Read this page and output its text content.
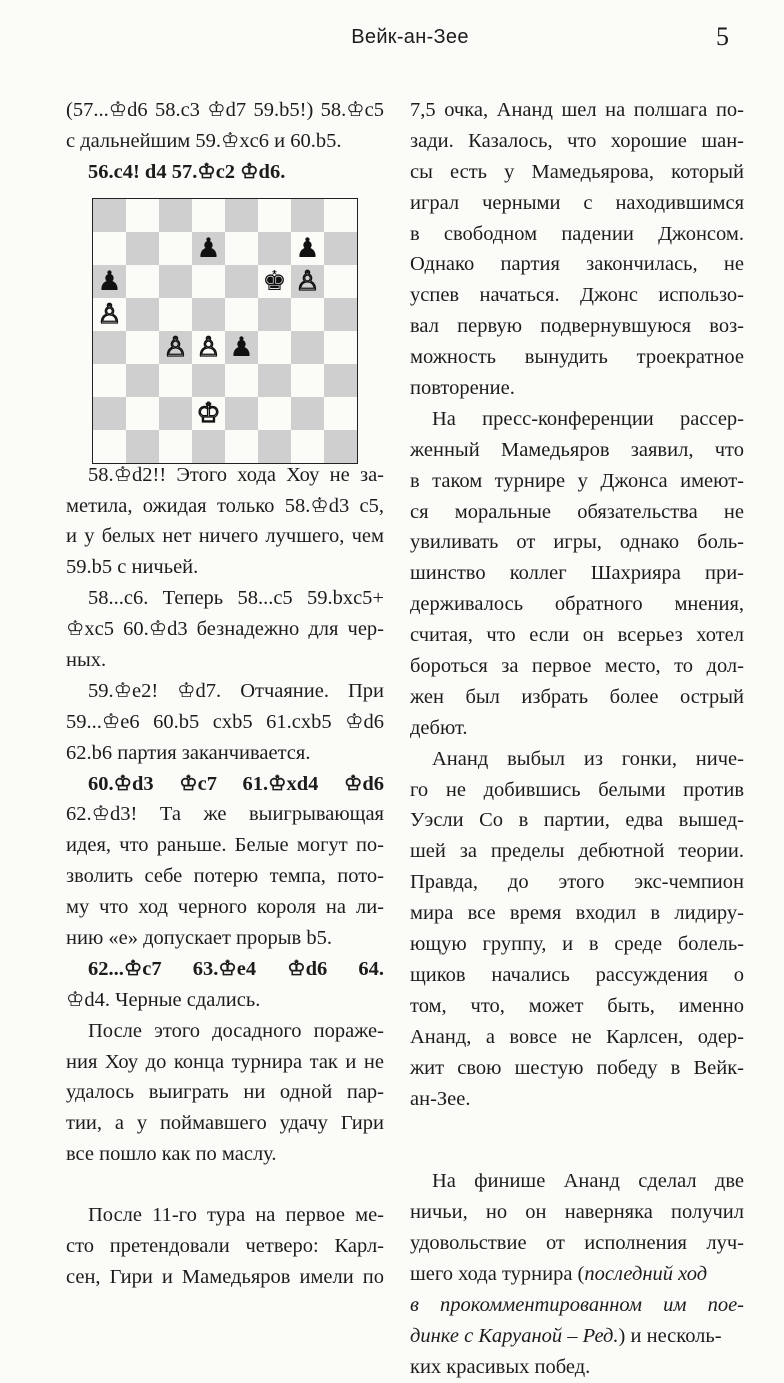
Вейк-ан-Зее	5
(57...♔d6 58.c3 ♔d7 59.b5!) 58.♔c5
с дальнейшим 59.♔xc6 и 60.b5.
56.c4! d4 57.♔c2 ♔d6.
♟	♟
♟	♚ ♙
♙
♙ ♙ ♟
♔
58.♔d2!! Этого хода Хоу не за-
метила, ожидая только 58.♔d3 c5,
и у белых нет ничего лучшего, чем
59.b5 с ничьей.
58...c6. Теперь 58...c5 59.bxc5+
♔xc5 60.♔d3 безнадежно для чер-
ных.
59.♔e2! ♔d7. Отчаяние. При
59...♔e6 60.b5 cxb5 61.cxb5 ♔d6
62.b6 партия заканчивается.
60.♔d3 ♔c7 61.♔xd4 ♔d6
62.♔d3! Та же выигрывающая
идея, что раньше. Белые могут по-
зволить себе потерю темпа, пото-
му что ход черного короля на ли-
нию «е» допускает прорыв b5.
62...♔c7 63.♔e4 ♔d6 64.
♔d4. Черные сдались.
После этого досадного пораже-
ния Хоу до конца турнира так и не
удалось выиграть ни одной пар-
тии, а у поймавшего удачу Гири
все пошло как по маслу.
После 11-го тура на первое ме-
сто претендовали четверо: Карл-
сен, Гири и Мамедьяров имели по
7,5 очка, Ананд шел на полшага по-
зади. Казалось, что хорошие шан-
сы есть у Мамедьярова, который
играл черными с находившимся
в свободном падении Джонсом.
Однако партия закончилась, не
успев начаться. Джонс использо-
вал первую подвернувшуюся воз-
можность вынудить троекратное
повторение.
На пресс-конференции рассер-
женный Мамедьяров заявил, что
в таком турнире у Джонса имеют-
ся моральные обязательства не
увиливать от игры, однако боль-
шинство коллег Шахрияра при-
держивалось обратного мнения,
считая, что если он всерьез хотел
бороться за первое место, то дол-
жен был избрать более острый
дебют.
Ананд выбыл из гонки, ниче-
го не добившись белыми против
Уэсли Со в партии, едва вышед-
шей за пределы дебютной теории.
Правда, до этого экс-чемпион
мира все время входил в лидиру-
ющую группу, и в среде болель-
щиков начались рассуждения о
том, что, может быть, именно
Ананд, а вовсе не Карлсен, одер-
жит свою шестую победу в Вейк-
ан-Зее.
На финише Ананд сделал две
ничьи, но он наверняка получил
удовольствие от исполнения луч-
шего хода турнира (последний ход
в прокомментированном им пое-
динке с Каруаной – Ред.) и несколь-
ких красивых побед.
